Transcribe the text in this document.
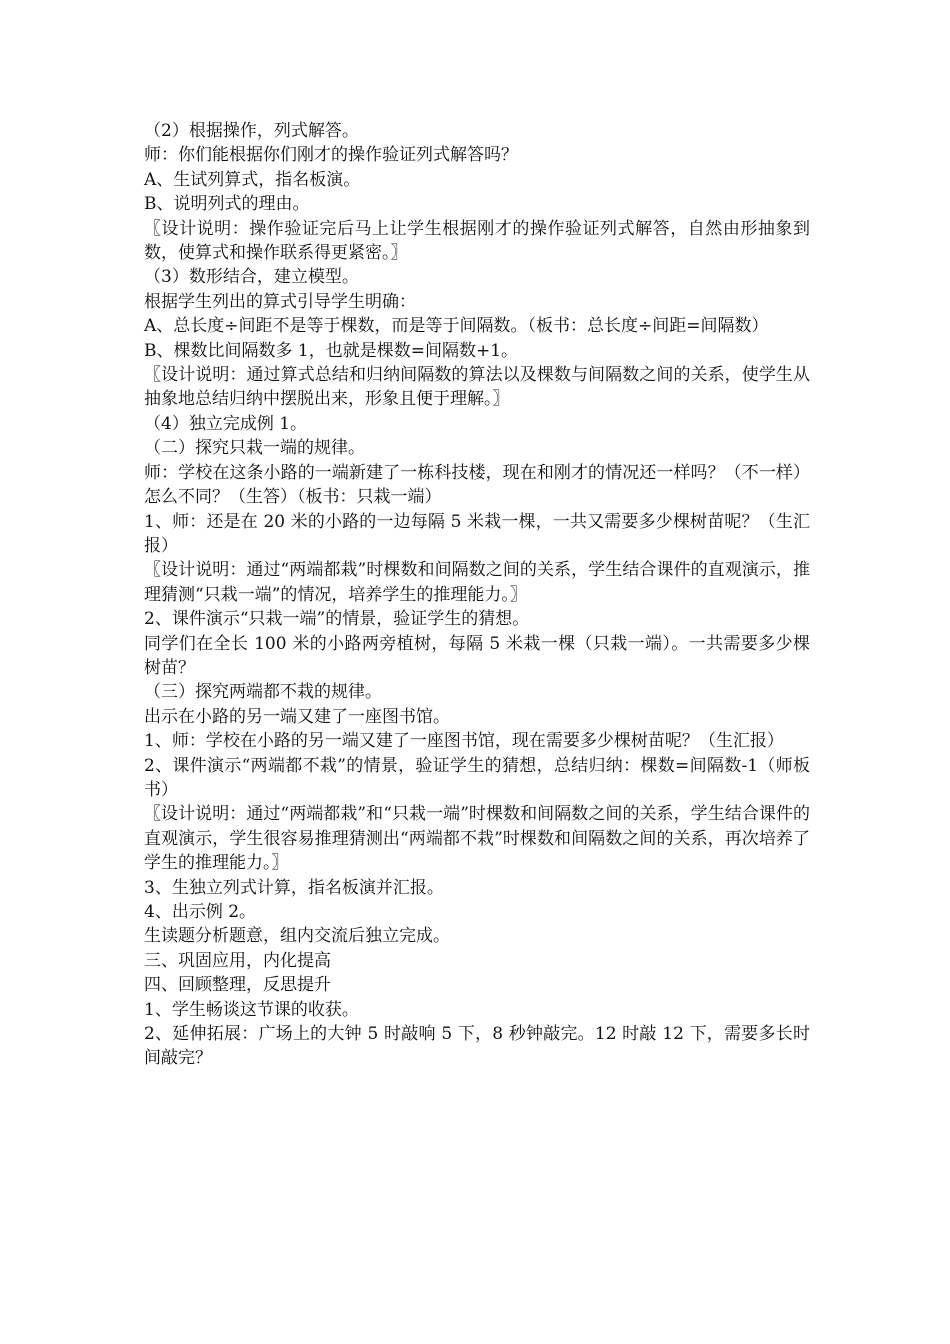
（2）根据操作，列式解答。

师：你们能根据你们刚才的操作验证列式解答吗？

A、生试列算式，指名板演。

B、说明列式的理由。

〖设计说明：操作验证完后马上让学生根据刚才的操作验证列式解答，自然由形抽象到数，使算式和操作联系得更紧密。〗

（3）数形结合，建立模型。

根据学生列出的算式引导学生明确：

A、总长度÷间距不是等于棵数，而是等于间隔数。（板书：总长度÷间距=间隔数）

B、棵数比间隔数多 1，也就是棵数=间隔数+1。

〖设计说明：通过算式总结和归纳间隔数的算法以及棵数与间隔数之间的关系，使学生从抽象地总结归纳中摆脱出来，形象且便于理解。〗

（4）独立完成例 1。

（二）探究只栽一端的规律。

师：学校在这条小路的一端新建了一栋科技楼，现在和刚才的情况还一样吗？（不一样）怎么不同？（生答）（板书：只栽一端）

1、师：还是在 20 米的小路的一边每隔 5 米栽一棵，一共又需要多少棵树苗呢？（生汇报）

〖设计说明：通过“两端都栽”时棵数和间隔数之间的关系，学生结合课件的直观演示，推理猜测“只栽一端”的情况，培养学生的推理能力。〗

2、课件演示“只栽一端”的情景，验证学生的猜想。

同学们在全长 100 米的小路两旁植树，每隔 5 米栽一棵（只栽一端）。一共需要多少棵树苗？

（三）探究两端都不栽的规律。

出示在小路的另一端又建了一座图书馆。

1、师：学校在小路的另一端又建了一座图书馆，现在需要多少棵树苗呢？（生汇报）

2、课件演示“两端都不栽”的情景，验证学生的猜想，总结归纳：棵数=间隔数-1（师板书）

〖设计说明：通过“两端都栽”和“只栽一端”时棵数和间隔数之间的关系，学生结合课件的直观演示，学生很容易推理猜测出“两端都不栽”时棵数和间隔数之间的关系，再次培养了学生的推理能力。〗

3、生独立列式计算，指名板演并汇报。

4、出示例 2。

生读题分析题意，组内交流后独立完成。

三、巩固应用，内化提高

四、回顾整理，反思提升

1、学生畅谈这节课的收获。

2、延伸拓展：广场上的大钟 5 时敲响 5 下，8 秒钟敲完。12 时敲 12 下，需要多长时间敲完？
